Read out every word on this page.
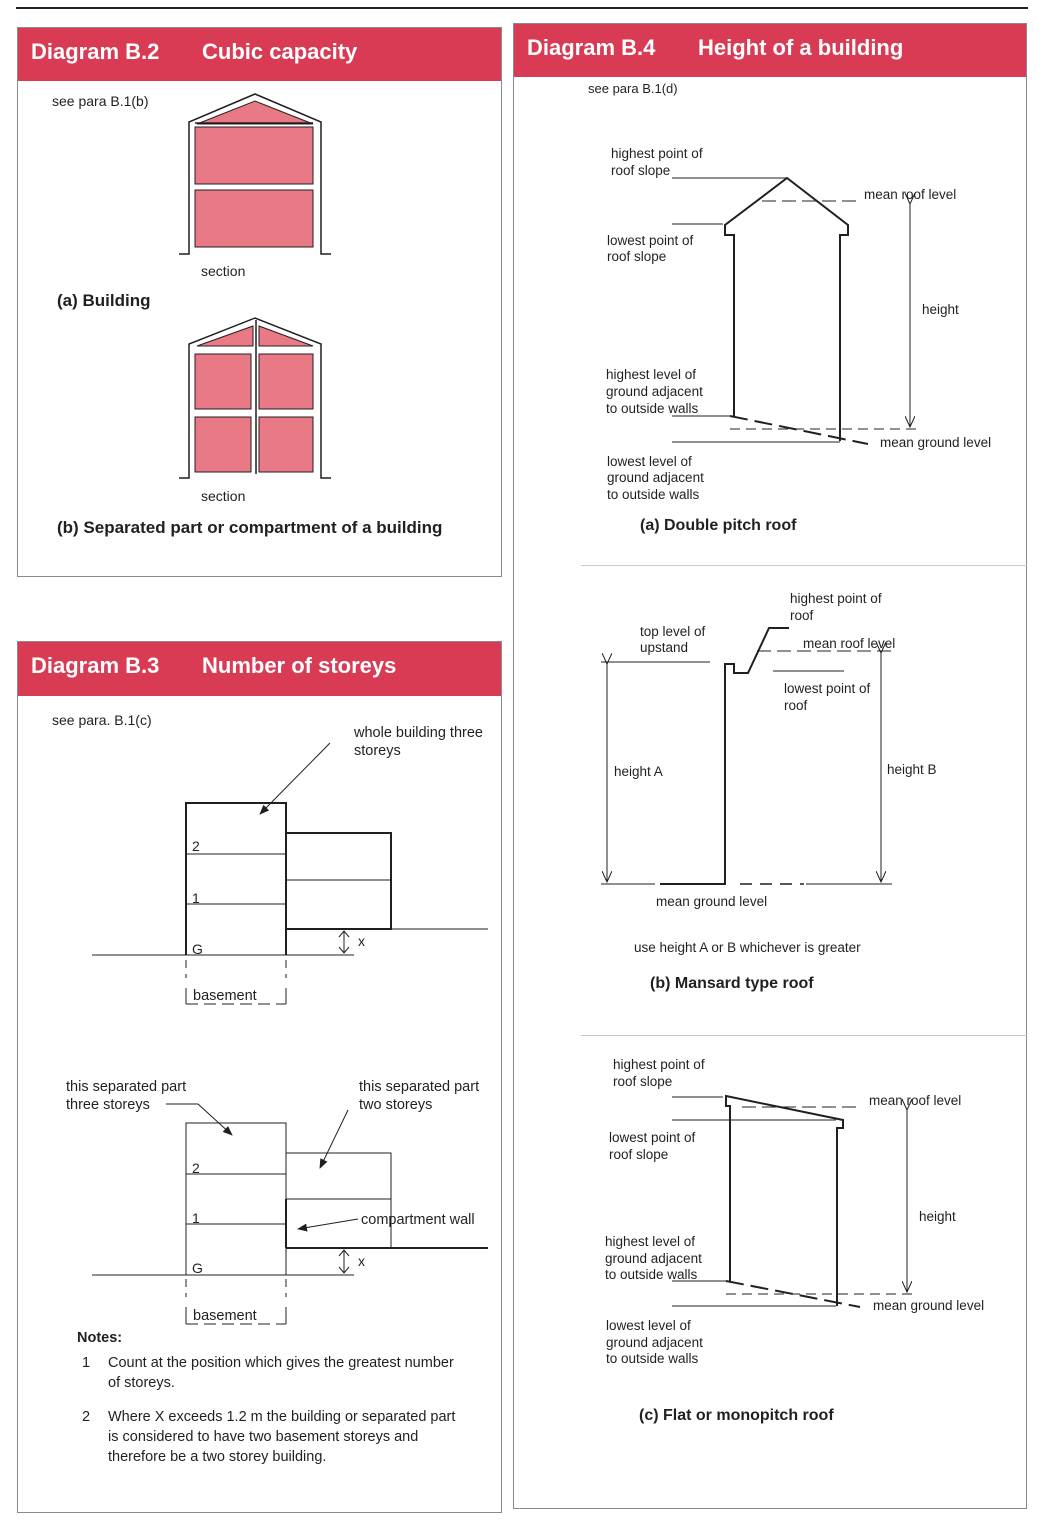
Diagram B.2 Cubic capacity
see para B.1(b)
section
(a) Building
section
(b) Separated part or compartment of a building
Diagram B.3 Number of storeys
see para. B.1(c)
2
1
G	x
basement
whole building three
storeys
2
1
G	x
basement
this separated part
three storeys
this separated part
two storeys
compartment wall
Notes:
1 Count at the position which gives the greatest number of storeys.
2 Where X exceeds 1.2 m the building or separated part is considered to have two basement storeys and therefore be a two storey building.
Diagram B.4 Height of a building
see para B.1(d)
highest point of
roof slope
mean roof level
lowest point of
roof slope
height
highest level of
ground adjacent
to outside walls
mean ground level
lowest level of
ground adjacent
to outside walls
highest point of
roof
top level of
upstand	mean roof level
lowest point of
roof
height A	height B
mean ground level
use height A or B whichever is greater
highest point of
roof slope
mean roof level
lowest point of
roof slope
height
highest level of
ground adjacent
to outside walls
mean ground level
lowest level of
ground adjacent
to outside walls
(a) Double pitch roof
(b) Mansard type roof
(c) Flat or monopitch roof
